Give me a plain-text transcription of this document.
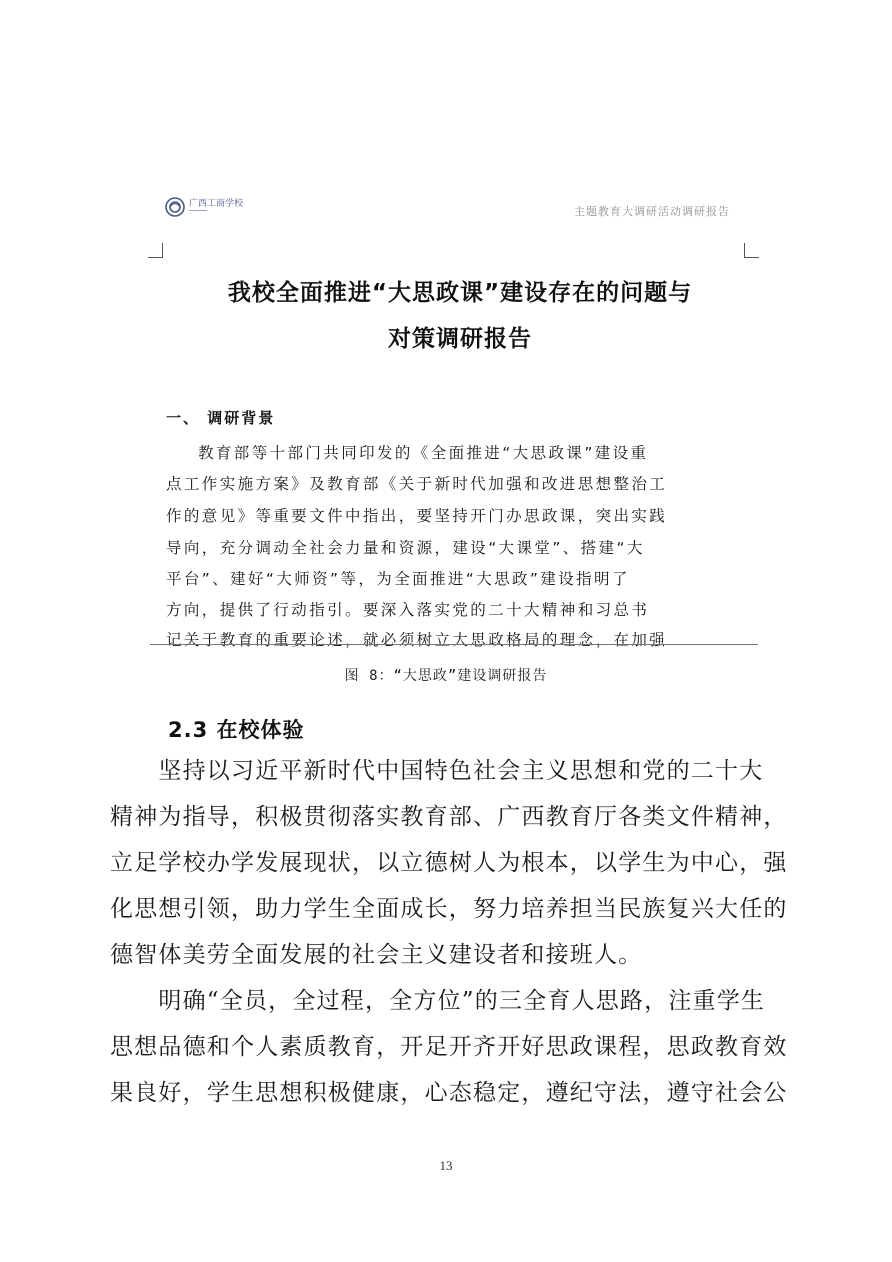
广西工商学校
━━━━━━	主题教育大调研活动调研报告
我校全面推进“大思政课”建设存在的问题与
对策调研报告
一、 调研背景
教育部等十部门共同印发的《全面推进“大思政课”建设重
点工作实施方案》及教育部《关于新时代加强和改进思想整治工
作的意见》等重要文件中指出，要坚持开门办思政课，突出实践
导向，充分调动全社会力量和资源，建设“大课堂”、搭建“大
平台”、建好“大师资”等，为全面推进“大思政”建设指明了
方向，提供了行动指引。要深入落实党的二十大精神和习总书
记关于教育的重要论述，就必须树立大思政格局的理念，在加强
图 8：“大思政”建设调研报告
2.3 在校体验
　　坚持以习近平新时代中国特色社会主义思想和党的二十大
精神为指导，积极贯彻落实教育部、广西教育厅各类文件精神，
立足学校办学发展现状，以立德树人为根本，以学生为中心，强
化思想引领，助力学生全面成长，努力培养担当民族复兴大任的
德智体美劳全面发展的社会主义建设者和接班人。
　　明确“全员，全过程，全方位”的三全育人思路，注重学生
思想品德和个人素质教育，开足开齐开好思政课程，思政教育效
果良好，学生思想积极健康，心态稳定，遵纪守法，遵守社会公
13
